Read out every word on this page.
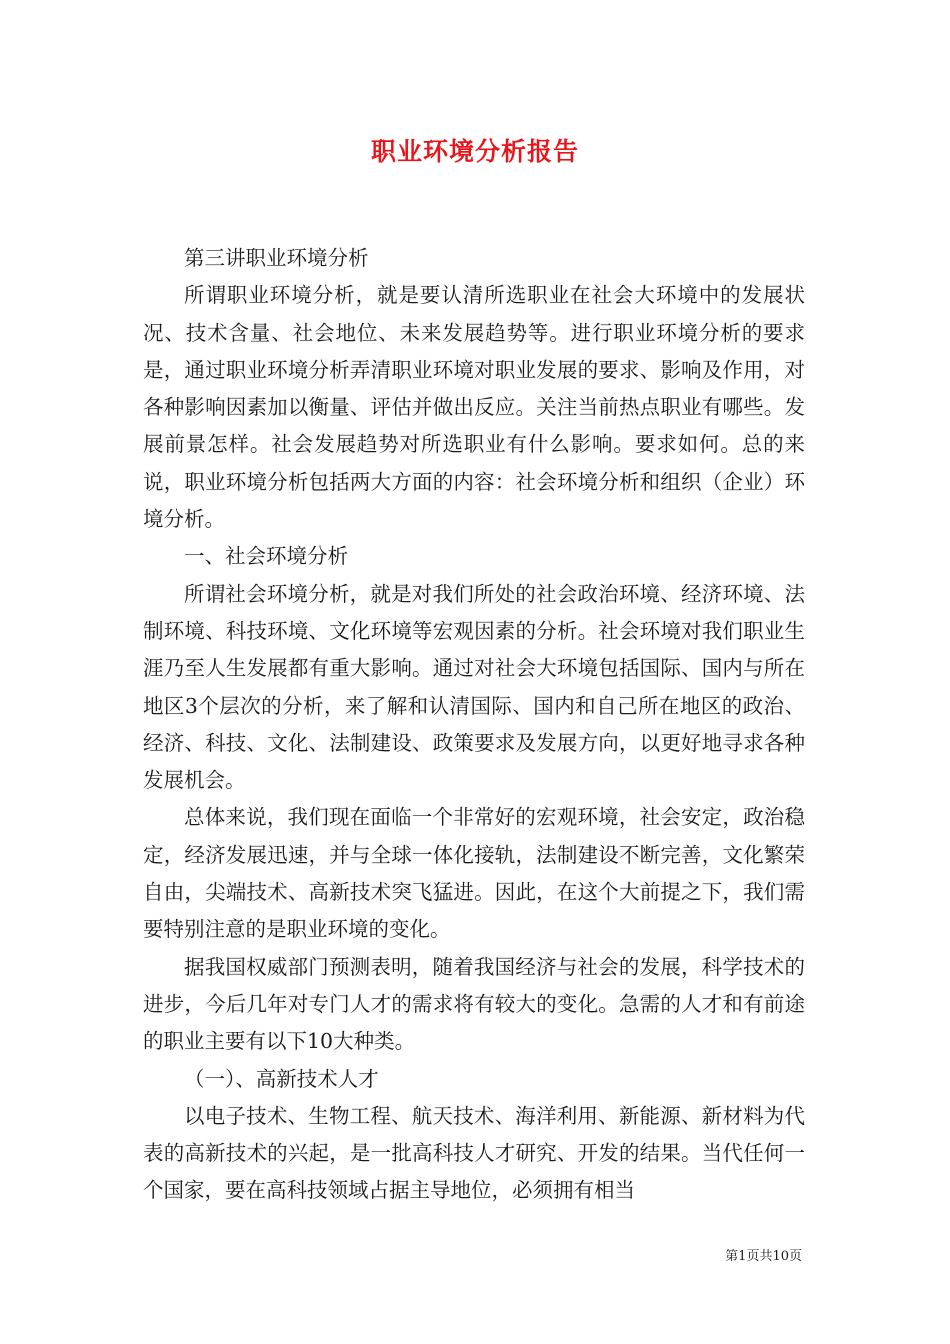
职业环境分析报告

第三讲职业环境分析

所谓职业环境分析，就是要认清所选职业在社会大环境中的发展状况、技术含量、社会地位、未来发展趋势等。进行职业环境分析的要求是，通过职业环境分析弄清职业环境对职业发展的要求、影响及作用，对各种影响因素加以衡量、评估并做出反应。关注当前热点职业有哪些。发展前景怎样。社会发展趋势对所选职业有什么影响。要求如何。总的来说，职业环境分析包括两大方面的内容：社会环境分析和组织（企业）环境分析。

一、社会环境分析

所谓社会环境分析，就是对我们所处的社会政治环境、经济环境、法制环境、科技环境、文化环境等宏观因素的分析。社会环境对我们职业生涯乃至人生发展都有重大影响。通过对社会大环境包括国际、国内与所在地区3个层次的分析，来了解和认清国际、国内和自己所在地区的政治、经济、科技、文化、法制建设、政策要求及发展方向，以更好地寻求各种发展机会。

总体来说，我们现在面临一个非常好的宏观环境，社会安定，政治稳定，经济发展迅速，并与全球一体化接轨，法制建设不断完善，文化繁荣自由，尖端技术、高新技术突飞猛进。因此，在这个大前提之下，我们需要特别注意的是职业环境的变化。

据我国权威部门预测表明，随着我国经济与社会的发展，科学技术的进步，今后几年对专门人才的需求将有较大的变化。急需的人才和有前途的职业主要有以下10大种类。

（一）、高新技术人才

以电子技术、生物工程、航天技术、海洋利用、新能源、新材料为代表的高新技术的兴起，是一批高科技人才研究、开发的结果。当代任何一个国家，要在高科技领域占据主导地位，必须拥有相当

第1页共10页
